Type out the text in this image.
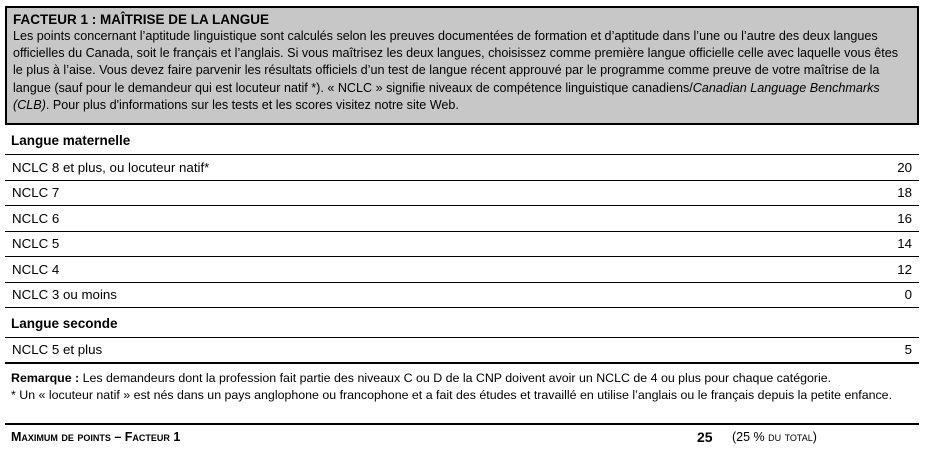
FACTEUR 1 : MAÎTRISE DE LA LANGUE
Les points concernant l’aptitude linguistique sont calculés selon les preuves documentées de formation et d’aptitude dans l’une ou l’autre des deux langues officielles du Canada, soit le français et l’anglais. Si vous maîtrisez les deux langues, choisissez comme première langue officielle celle avec laquelle vous êtes le plus à l’aise. Vous devez faire parvenir les résultats officiels d’un test de langue récent approuvé par le programme comme preuve de votre maîtrise de la langue (sauf pour le demandeur qui est locuteur natif *). « NCLC » signifie niveaux de compétence linguistique canadiens/Canadian Language Benchmarks (CLB). Pour plus d'informations sur les tests et les scores visitez notre site Web.
Langue maternelle
NCLC 8 et plus, ou locuteur natif*	20
NCLC 7	18
NCLC 6	16
NCLC 5	14
NCLC 4	12
NCLC 3 ou moins	0
Langue seconde
NCLC 5 et plus	5
Remarque : Les demandeurs dont la profession fait partie des niveaux C ou D de la CNP doivent avoir un NCLC de 4 ou plus pour chaque catégorie.
* Un « locuteur natif » est nés dans un pays anglophone ou francophone et a fait des études et travaillé en utilise l’anglais ou le français depuis la petite enfance.
Maximum de points – Facteur 1	25 (25 % du total)
